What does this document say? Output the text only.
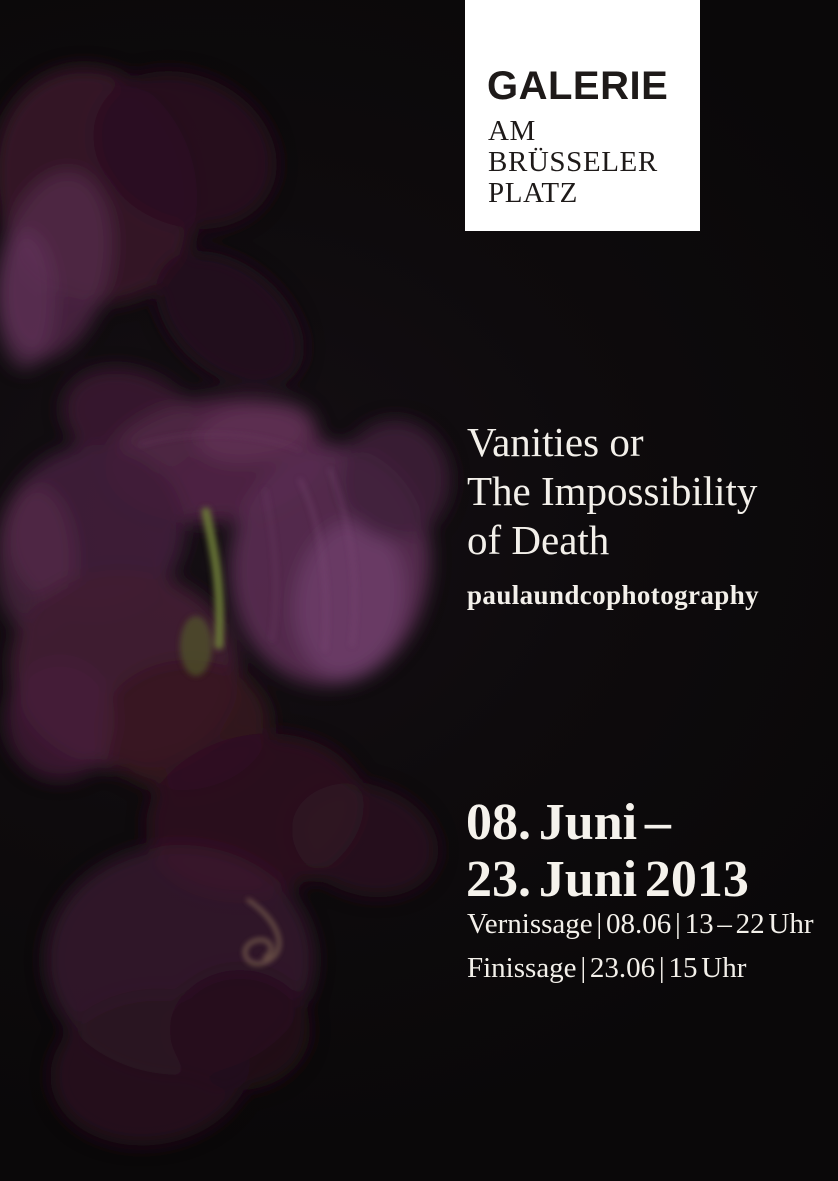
GALERIE
AM
BRÜSSELER
PLATZ
Vanities or
The Impossibility
of Death
paulaundcophotography
08. Juni –
23. Juni 2013
Vernissage | 08.06 | 13 – 22 Uhr
Finissage | 23.06 | 15 Uhr
